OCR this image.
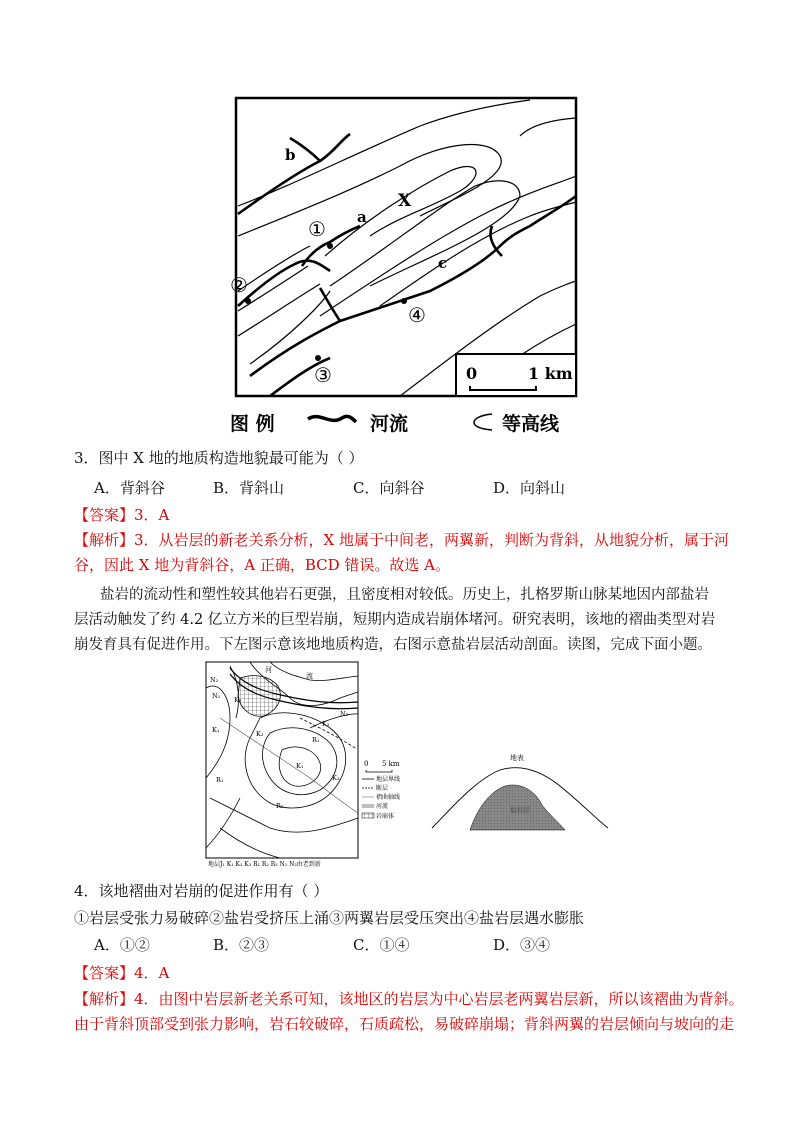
b
X
a
c
①
②
③
④
0	1 km
图 例	河流	等高线
3．图中 X 地的地质构造地貌最可能为（ ）
A．背斜谷	B．背斜山	C．向斜谷	D．向斜山
【答案】3．A
【解析】3．从岩层的新老关系分析，X 地属于中间老，两翼新，判断为背斜，从地貌分析，属于河
谷，因此 X 地为背斜谷，A 正确，BCD 错误。故选 A。
盐岩的流动性和塑性较其他岩石更强，且密度相对较低。历史上，扎格罗斯山脉某地因内部盐岩
层活动触发了约 4.2 亿立方米的巨型岩崩，短期内造成岩崩体堵河。研究表明，该地的褶曲类型对岩
崩发育具有促进作用。下左图示意该地地质构造，右图示意盐岩层活动剖面。读图，完成下面小题。
河
流
N₂
N₁ K₂
K₁	K₂
K₁
R₁
R₂
K₂
K₃
R₁
N₂
0 5 km
地层界线
断层
褶曲轴线
河流
岩崩体
地层J₁ K₁ K₂ K₃ R₁ R₂ R₃ N₁ N₂由老到新
地表
盐岩层
4．该地褶曲对岩崩的促进作用有（ ）
①岩层受张力易破碎②盐岩受挤压上涌③两翼岩层受压突出④盐岩层遇水膨胀
A．①②	B．②③	C．①④	D．③④
【答案】4．A
【解析】4．由图中岩层新老关系可知，该地区的岩层为中心岩层老两翼岩层新，所以该褶曲为背斜。
由于背斜顶部受到张力影响，岩石较破碎，石质疏松，易破碎崩塌；背斜两翼的岩层倾向与坡向的走
